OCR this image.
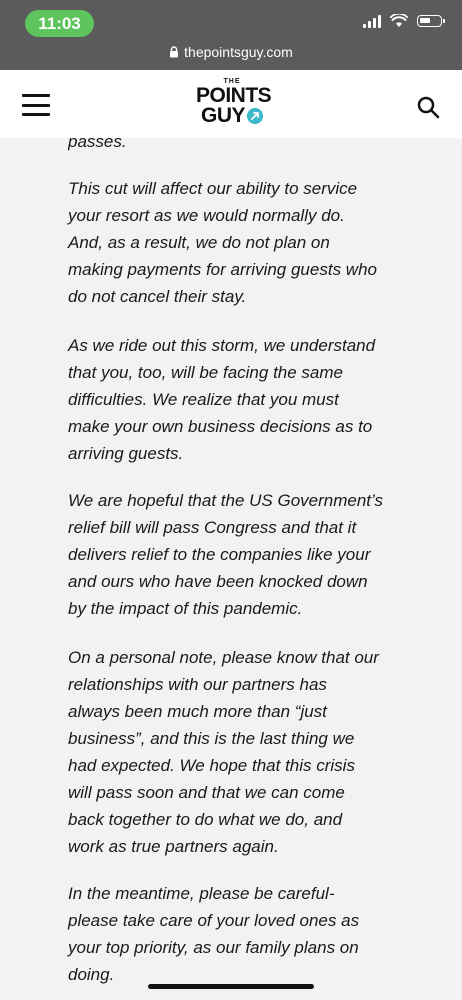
11:03
thepointsguy.com
THE
POINTS
GUY

passes.

This cut will affect our ability to service
your resort as we would normally do.
And, as a result, we do not plan on
making payments for arriving guests who
do not cancel their stay.

As we ride out this storm, we understand
that you, too, will be facing the same
difficulties. We realize that you must
make your own business decisions as to
arriving guests.

We are hopeful that the US Government’s
relief bill will pass Congress and that it
delivers relief to the companies like your
and ours who have been knocked down
by the impact of this pandemic.

On a personal note, please know that our
relationships with our partners has
always been much more than “just
business”, and this is the last thing we
had expected. We hope that this crisis
will pass soon and that we can come
back together to do what we do, and
work as true partners again.

In the meantime, please be careful-
please take care of your loved ones as
your top priority, as our family plans on
doing.
